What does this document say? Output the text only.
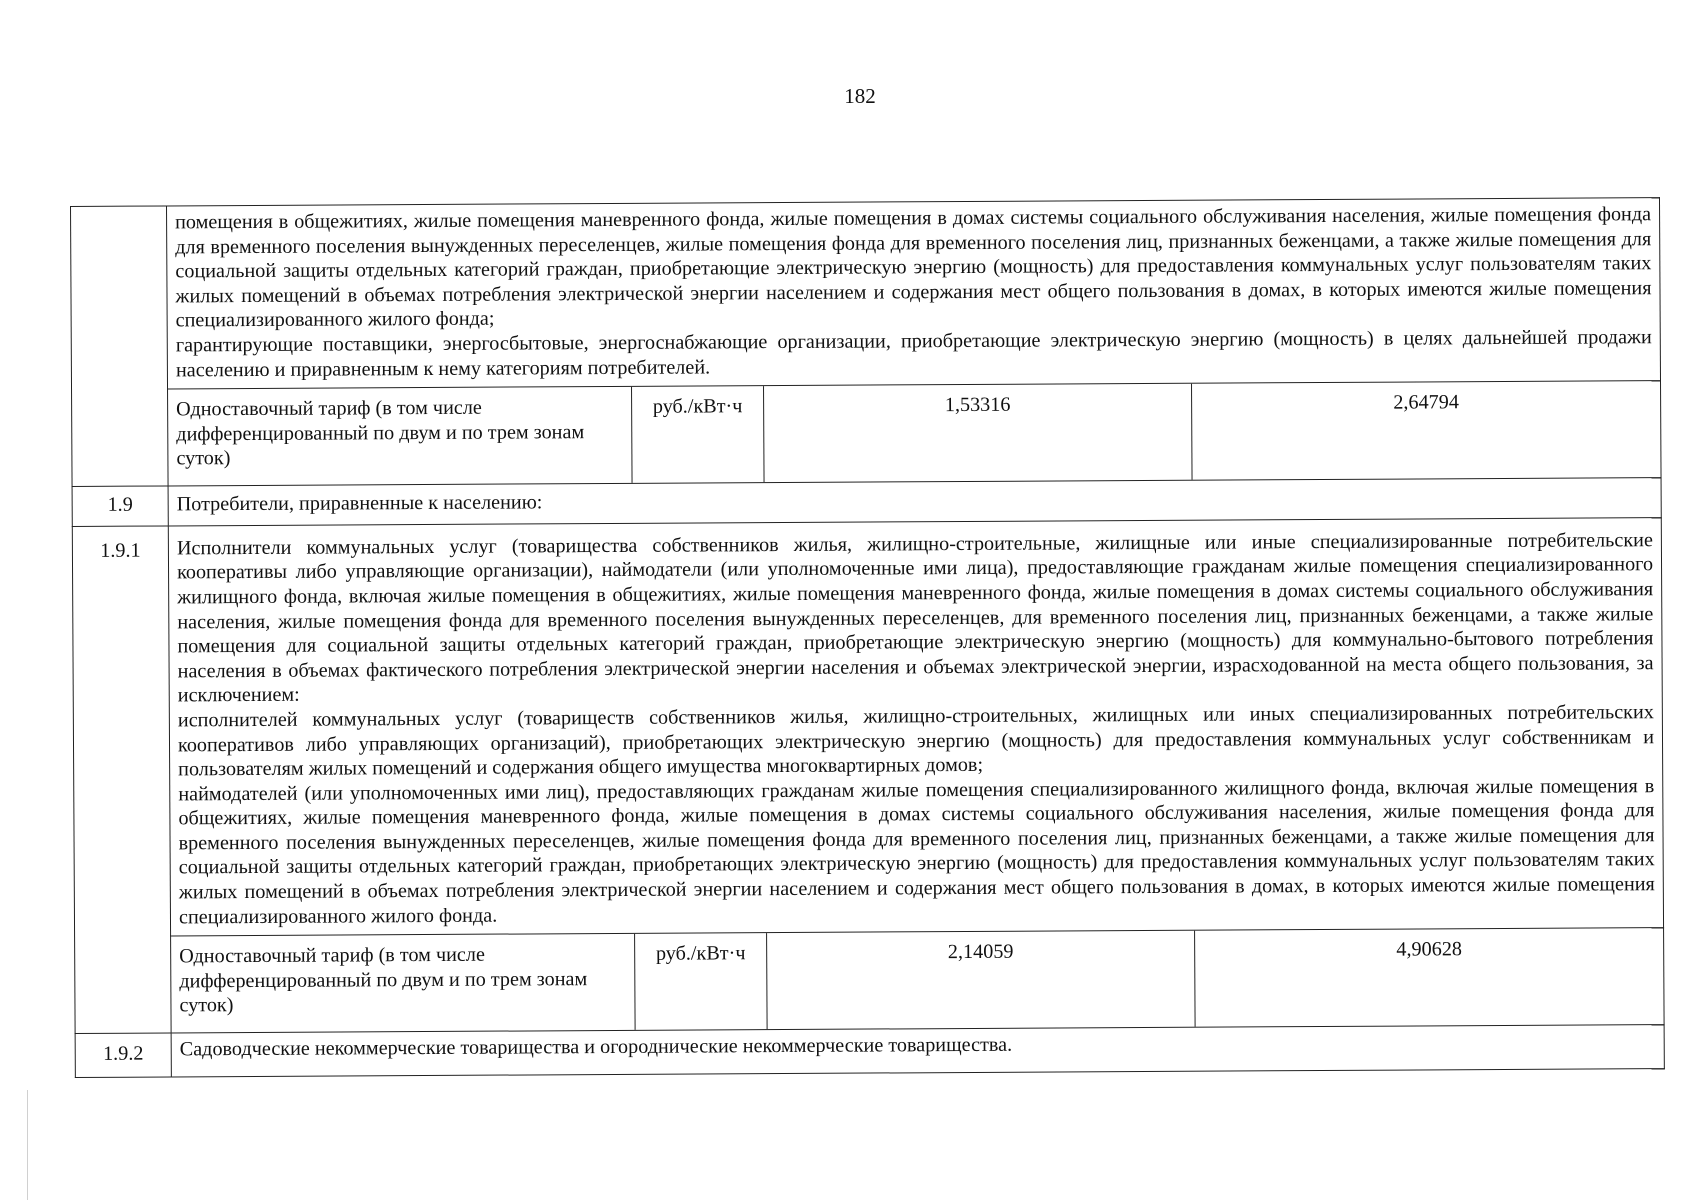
182

помещения в общежитиях, жилые помещения маневренного фонда, жилые помещения в домах системы социального обслуживания населения, жилые помещения фонда для временного поселения вынужденных переселенцев, жилые помещения фонда для временного поселения лиц, признанных беженцами, а также жилые помещения для социальной защиты отдельных категорий граждан, приобретающие электрическую энергию (мощность) для предоставления коммунальных услуг пользователям таких жилых помещений в объемах потребления электрической энергии населением и содержания мест общего пользования в домах, в которых имеются жилые помещения специализированного жилого фонда;

гарантирующие поставщики, энергосбытовые, энергоснабжающие организации, приобретающие электрическую энергию (мощность) в целях дальнейшей продажи населению и приравненным к нему категориям потребителей.

Одноставочный тариф (в том числе дифференцированный по двум и по трем зонам суток)	руб./кВт·ч	1,53316	2,64794

1.9	Потребители, приравненные к населению:
1.9.1	Исполнители коммунальных услуг (товарищества собственников жилья, жилищно-строительные, жилищные или иные специализированные потребительские кооперативы либо управляющие организации), наймодатели (или уполномоченные ими лица), предоставляющие гражданам жилые помещения специализированного жилищного фонда, включая жилые помещения в общежитиях, жилые помещения маневренного фонда, жилые помещения в домах системы социального обслуживания населения, жилые помещения фонда для временного поселения вынужденных переселенцев, для временного поселения лиц, признанных беженцами, а также жилые помещения для социальной защиты отдельных категорий граждан, приобретающие электрическую энергию (мощность) для коммунально-бытового потребления населения в объемах фактического потребления электрической энергии населения и объемах электрической энергии, израсходованной на места общего пользования, за исключением:

исполнителей коммунальных услуг (товариществ собственников жилья, жилищно-строительных, жилищных или иных специализированных потребительских кооперативов либо управляющих организаций), приобретающих электрическую энергию (мощность) для предоставления коммунальных услуг собственникам и пользователям жилых помещений и содержания общего имущества многоквартирных домов;

наймодателей (или уполномоченных ими лиц), предоставляющих гражданам жилые помещения специализированного жилищного фонда, включая жилые помещения в общежитиях, жилые помещения маневренного фонда, жилые помещения в домах системы социального обслуживания населения, жилые помещения фонда для временного поселения вынужденных переселенцев, жилые помещения фонда для временного поселения лиц, признанных беженцами, а также жилые помещения для социальной защиты отдельных категорий граждан, приобретающих электрическую энергию (мощность) для предоставления коммунальных услуг пользователям таких жилых помещений в объемах потребления электрической энергии населением и содержания мест общего пользования в домах, в которых имеются жилые помещения специализированного жилого фонда.

Одноставочный тариф (в том числе дифференцированный по двум и по трем зонам суток)	руб./кВт·ч	2,14059	4,90628

1.9.2	Садоводческие некоммерческие товарищества и огороднические некоммерческие товарищества.
